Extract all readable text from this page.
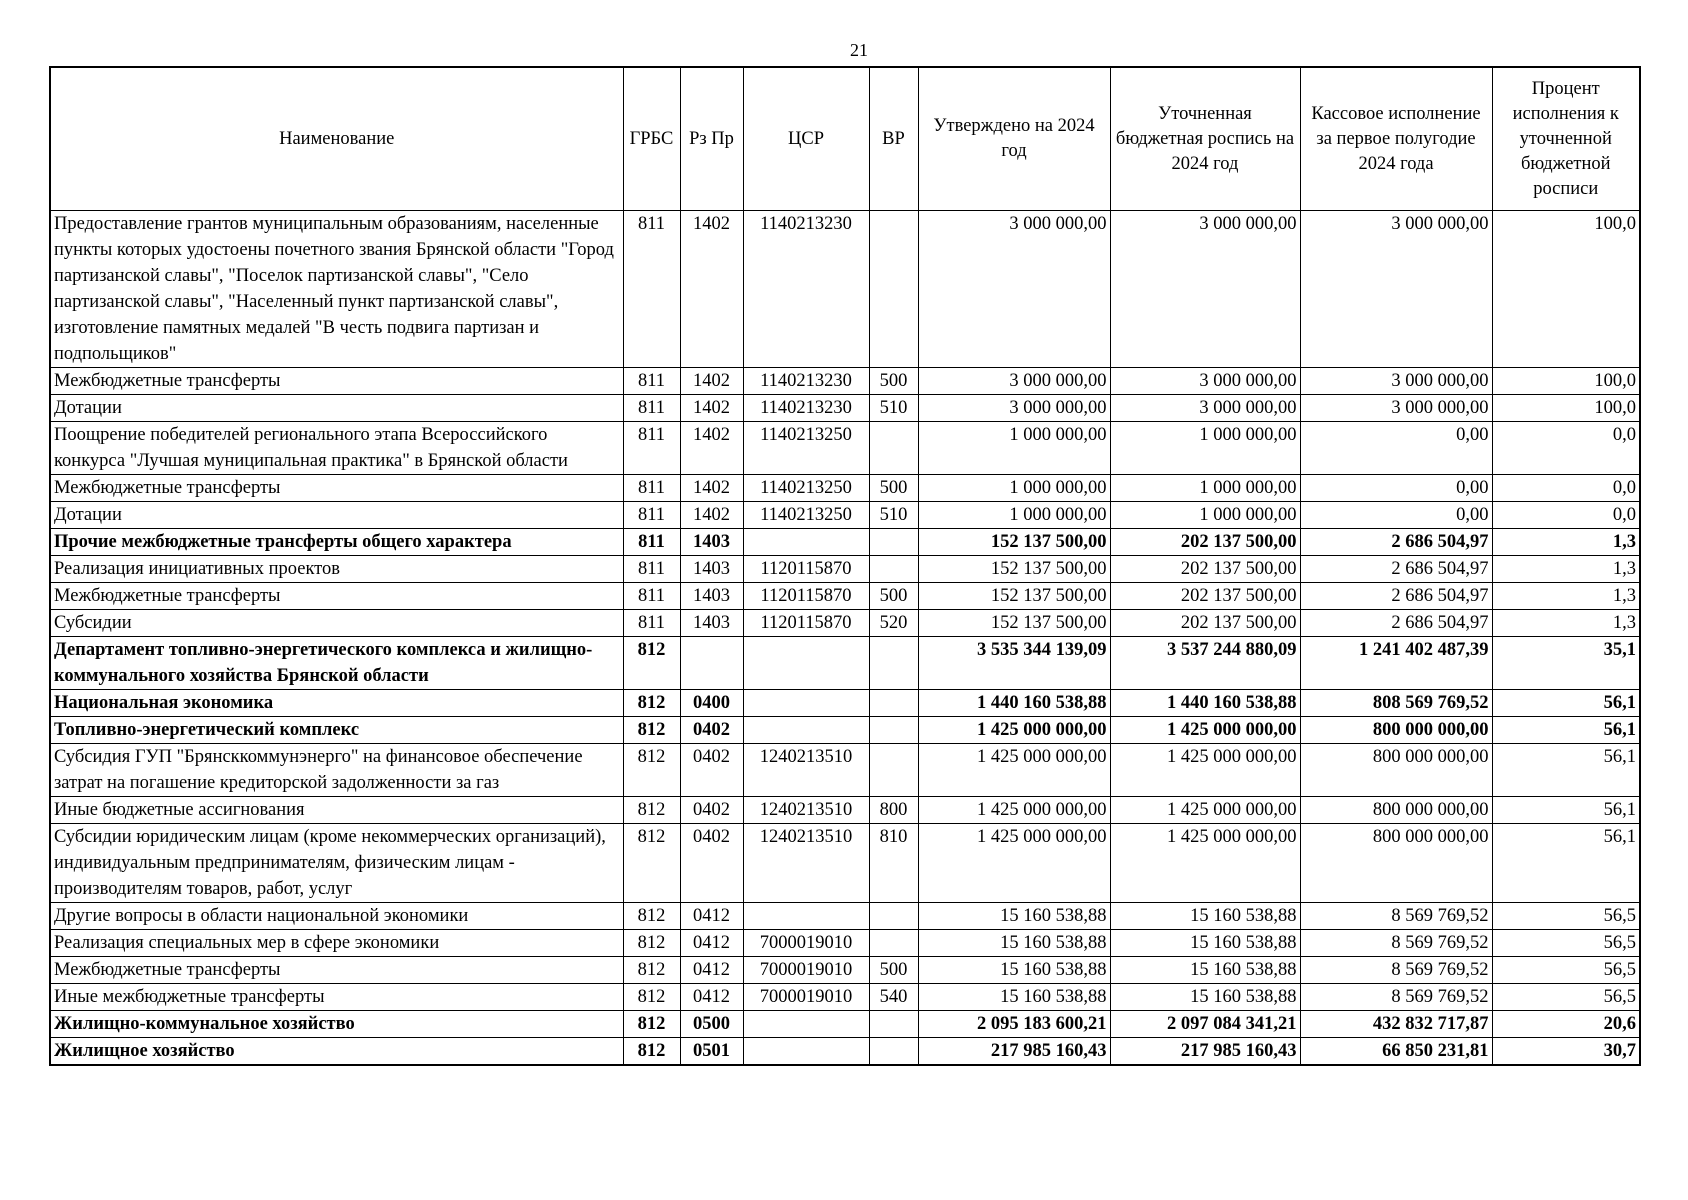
21
Наименование	ГРБС	Рз Пр	ЦСР	ВР	Утверждено на 2024 год	Уточненная бюджетная роспись на 2024 год	Кассовое исполнение за первое полугодие 2024 года	Процент исполнения к уточненной бюджетной росписи
Предоставление грантов муниципальным образованиям, населенные пункты которых удостоены почетного звания Брянской области "Город партизанской славы", "Поселок партизанской славы", "Село партизанской славы", "Населенный пункт партизанской славы", изготовление памятных медалей "В честь подвига партизан и подпольщиков"	811	1402	1140213230		3 000 000,00	3 000 000,00	3 000 000,00	100,0
Межбюджетные трансферты	811	1402	1140213230	500	3 000 000,00	3 000 000,00	3 000 000,00	100,0
Дотации	811	1402	1140213230	510	3 000 000,00	3 000 000,00	3 000 000,00	100,0
Поощрение победителей регионального этапа Всероссийского конкурса "Лучшая муниципальная практика" в Брянской области	811	1402	1140213250		1 000 000,00	1 000 000,00	0,00	0,0
Межбюджетные трансферты	811	1402	1140213250	500	1 000 000,00	1 000 000,00	0,00	0,0
Дотации	811	1402	1140213250	510	1 000 000,00	1 000 000,00	0,00	0,0
Прочие межбюджетные трансферты общего характера	811	1403			152 137 500,00	202 137 500,00	2 686 504,97	1,3
Реализация инициативных проектов	811	1403	1120115870		152 137 500,00	202 137 500,00	2 686 504,97	1,3
Межбюджетные трансферты	811	1403	1120115870	500	152 137 500,00	202 137 500,00	2 686 504,97	1,3
Субсидии	811	1403	1120115870	520	152 137 500,00	202 137 500,00	2 686 504,97	1,3
Департамент топливно-энергетического комплекса и жилищно-коммунального хозяйства Брянской области	812				3 535 344 139,09	3 537 244 880,09	1 241 402 487,39	35,1
Национальная экономика	812	0400			1 440 160 538,88	1 440 160 538,88	808 569 769,52	56,1
Топливно-энергетический комплекс	812	0402			1 425 000 000,00	1 425 000 000,00	800 000 000,00	56,1
Субсидия ГУП "Брянсккоммунэнерго" на финансовое обеспечение затрат на погашение кредиторской задолженности за газ	812	0402	1240213510		1 425 000 000,00	1 425 000 000,00	800 000 000,00	56,1
Иные бюджетные ассигнования	812	0402	1240213510	800	1 425 000 000,00	1 425 000 000,00	800 000 000,00	56,1
Субсидии юридическим лицам (кроме некоммерческих организаций), индивидуальным предпринимателям, физическим лицам - производителям товаров, работ, услуг	812	0402	1240213510	810	1 425 000 000,00	1 425 000 000,00	800 000 000,00	56,1
Другие вопросы в области национальной экономики	812	0412			15 160 538,88	15 160 538,88	8 569 769,52	56,5
Реализация специальных мер в сфере экономики	812	0412	7000019010		15 160 538,88	15 160 538,88	8 569 769,52	56,5
Межбюджетные трансферты	812	0412	7000019010	500	15 160 538,88	15 160 538,88	8 569 769,52	56,5
Иные межбюджетные трансферты	812	0412	7000019010	540	15 160 538,88	15 160 538,88	8 569 769,52	56,5
Жилищно-коммунальное хозяйство	812	0500			2 095 183 600,21	2 097 084 341,21	432 832 717,87	20,6
Жилищное хозяйство	812	0501			217 985 160,43	217 985 160,43	66 850 231,81	30,7
